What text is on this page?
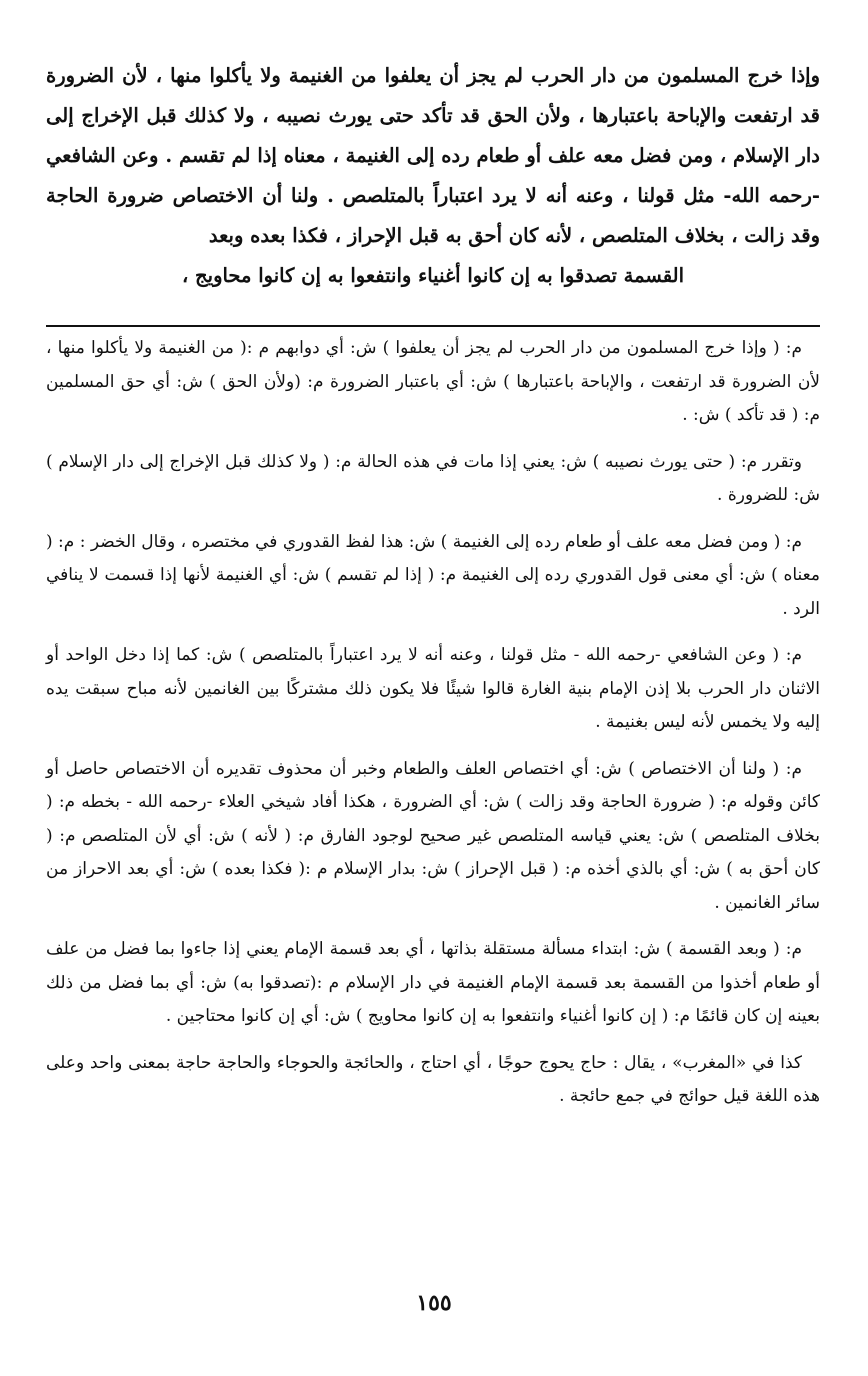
وإذا خرج المسلمون من دار الحرب لم يجز أن يعلفوا من الغنيمة ولا يأكلوا منها ، لأن الضرورة قد ارتفعت والإباحة باعتبارها ، ولأن الحق قد تأكد حتى يورث نصيبه ، ولا كذلك قبل الإخراج إلى دار الإسلام ، ومن فضل معه علف أو طعام رده إلى الغنيمة ، معناه إذا لم تقسم . وعن الشافعي -رحمه الله- مثل قولنا ، وعنه أنه لا يرد اعتباراً بالمتلصص . ولنا أن الاختصاص ضرورة الحاجة وقد زالت ، بخلاف المتلصص ، لأنه كان أحق به قبل الإحراز ، فكذا بعده وبعد
القسمة تصدقوا به إن كانوا أغنياء وانتفعوا به إن كانوا محاويج ،

م: ( وإذا خرج المسلمون من دار الحرب لم يجز أن يعلفوا ) ش: أي دوابهم م :( من الغنيمة ولا يأكلوا منها ، لأن الضرورة قد ارتفعت ، والإباحة باعتبارها ) ش: أي باعتبار الضرورة م: (ولأن الحق ) ش: أي حق المسلمين م: ( قد تأكد ) ش: .

وتقرر م: ( حتى يورث نصيبه ) ش: يعني إذا مات في هذه الحالة م: ( ولا كذلك قبل الإخراج إلى دار الإسلام ) ش: للضرورة .

م: ( ومن فضل معه علف أو طعام رده إلى الغنيمة ) ش: هذا لفظ القدوري في مختصره ، وقال الخضر : م: ( معناه ) ش: أي معنى قول القدوري رده إلى الغنيمة م: ( إذا لم تقسم ) ش: أي الغنيمة لأنها إذا قسمت لا ينافي الرد .

م: ( وعن الشافعي -رحمه الله - مثل قولنا ، وعنه أنه لا يرد اعتباراً بالمتلصص ) ش: كما إذا دخل الواحد أو الاثنان دار الحرب بلا إذن الإمام بنية الغارة قالوا شيئًا فلا يكون ذلك مشتركًا بين الغانمين لأنه مباح سبقت يده إليه ولا يخمس لأنه ليس بغنيمة .

م: ( ولنا أن الاختصاص ) ش: أي اختصاص العلف والطعام وخبر أن محذوف تقديره أن الاختصاص حاصل أو كائن وقوله م: ( ضرورة الحاجة وقد زالت ) ش: أي الضرورة ، هكذا أفاد شيخي العلاء -رحمه الله - بخطه م: ( بخلاف المتلصص ) ش: يعني قياسه المتلصص غير صحيح لوجود الفارق م: ( لأنه ) ش: أي لأن المتلصص م: ( كان أحق به ) ش: أي بالذي أخذه م: ( قبل الإحراز ) ش: بدار الإسلام م :( فكذا بعده ) ش: أي بعد الاحراز من سائر الغانمين .

م: ( وبعد القسمة ) ش: ابتداء مسألة مستقلة بذاتها ، أي بعد قسمة الإمام يعني إذا جاءوا بما فضل من علف أو طعام أخذوا من القسمة بعد قسمة الإمام الغنيمة في دار الإسلام م :(تصدقوا به) ش: أي بما فضل من ذلك بعينه إن كان قائمًا م: ( إن كانوا أغنياء وانتفعوا به إن كانوا محاويج ) ش: أي إن كانوا محتاجين .

كذا في «المغرب» ، يقال : حاج يحوج حوجًا ، أي احتاج ، والحائجة والحوجاء والحاجة حاجة بمعنى واحد وعلى هذه اللغة قيل حوائج في جمع حائجة .

١٥٥
